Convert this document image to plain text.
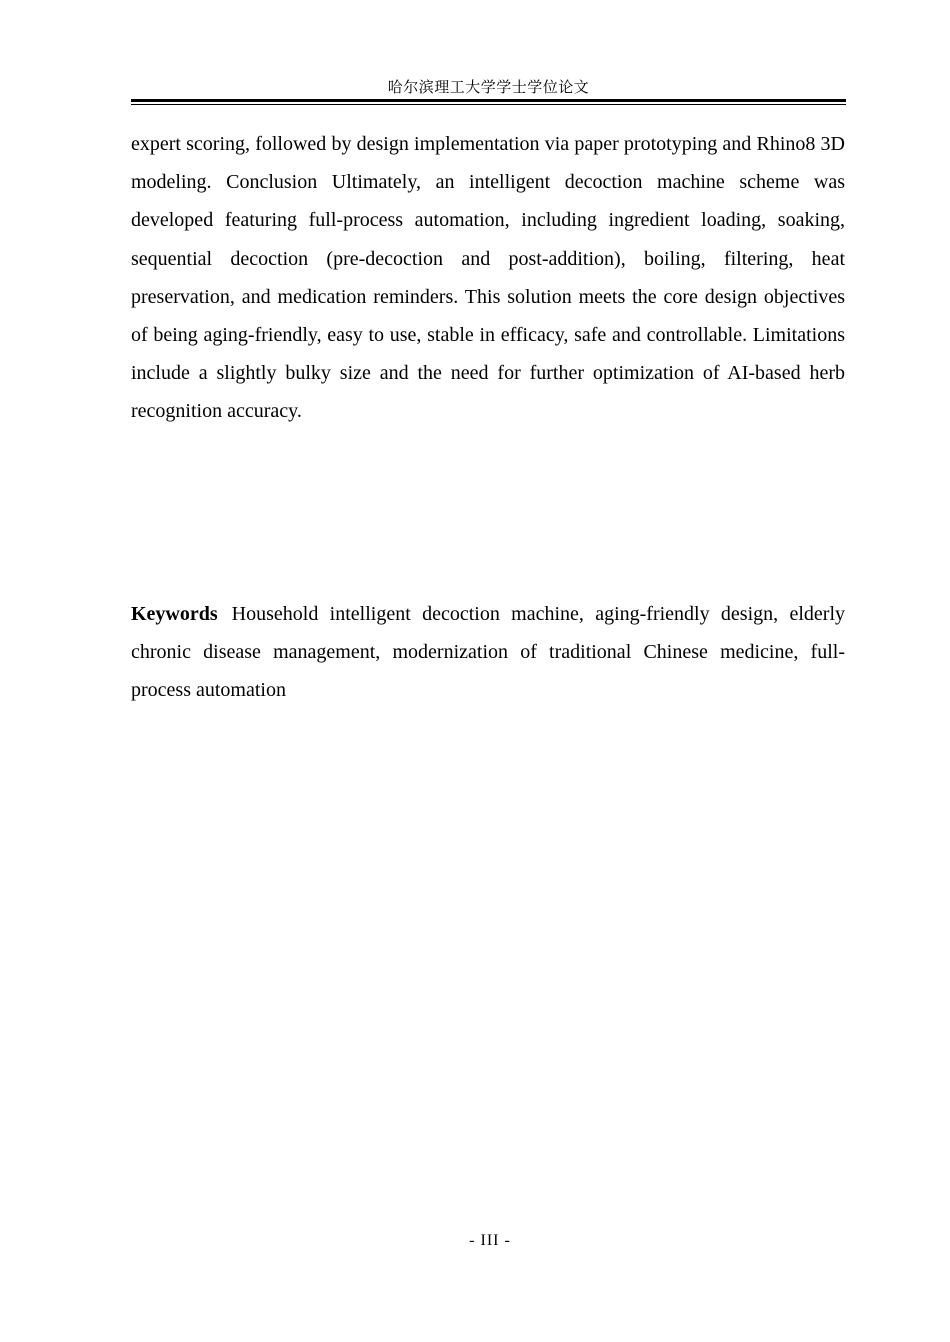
哈尔滨理工大学学士学位论文

expert scoring, followed by design implementation via paper prototyping and Rhino8 3D modeling. Conclusion Ultimately, an intelligent decoction machine scheme was developed featuring full-process automation, including ingredient loading, soaking, sequential decoction (pre-decoction and post-addition), boiling, filtering, heat preservation, and medication reminders. This solution meets the core design objectives of being aging-friendly, easy to use, stable in efficacy, safe and controllable. Limitations include a slightly bulky size and the need for further optimization of AI-based herb recognition accuracy.

Keywords Household intelligent decoction machine, aging-friendly design, elderly chronic disease management, modernization of traditional Chinese medicine, full-process automation

- III -
